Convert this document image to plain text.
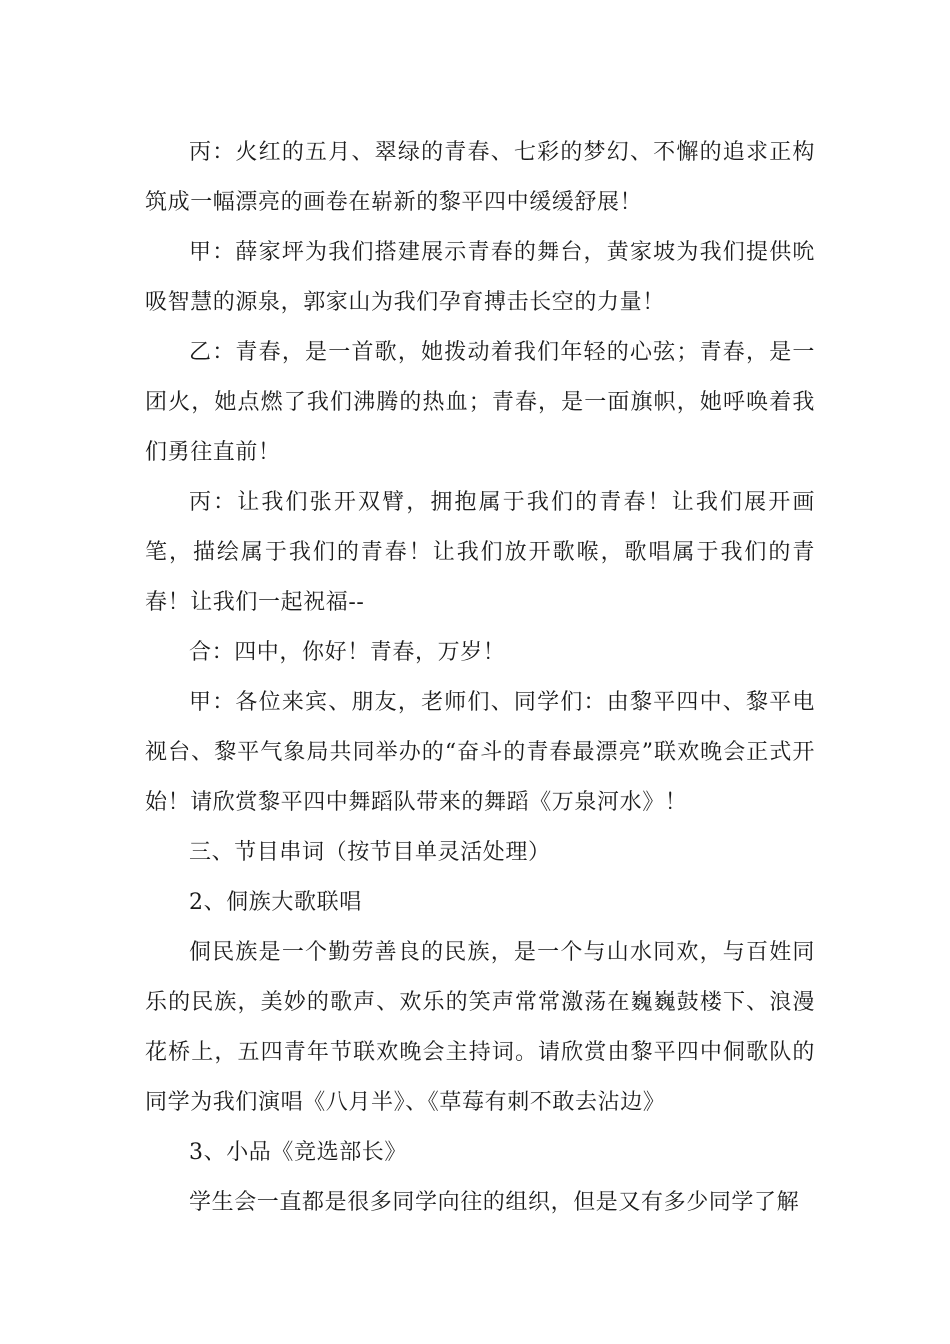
丙：火红的五月、翠绿的青春、七彩的梦幻、不懈的追求正构筑成一幅漂亮的画卷在崭新的黎平四中缓缓舒展！

甲：薛家坪为我们搭建展示青春的舞台，黄家坡为我们提供吮吸智慧的源泉，郭家山为我们孕育搏击长空的力量！

乙：青春，是一首歌，她拨动着我们年轻的心弦；青春，是一团火，她点燃了我们沸腾的热血；青春，是一面旗帜，她呼唤着我们勇往直前！

丙：让我们张开双臂，拥抱属于我们的青春！让我们展开画笔，描绘属于我们的青春！让我们放开歌喉，歌唱属于我们的青春！让我们一起祝福--

合：四中，你好！青春，万岁！

甲：各位来宾、朋友，老师们、同学们：由黎平四中、黎平电视台、黎平气象局共同举办的“奋斗的青春最漂亮”联欢晚会正式开始！请欣赏黎平四中舞蹈队带来的舞蹈《万泉河水》！

三、节目串词（按节目单灵活处理）

2、侗族大歌联唱

侗民族是一个勤劳善良的民族，是一个与山水同欢，与百姓同乐的民族，美妙的歌声、欢乐的笑声常常激荡在巍巍鼓楼下、浪漫花桥上，五四青年节联欢晚会主持词。请欣赏由黎平四中侗歌队的同学为我们演唱《八月半》、《草莓有刺不敢去沾边》

3、小品《竞选部长》

学生会一直都是很多同学向往的组织，但是又有多少同学了解
